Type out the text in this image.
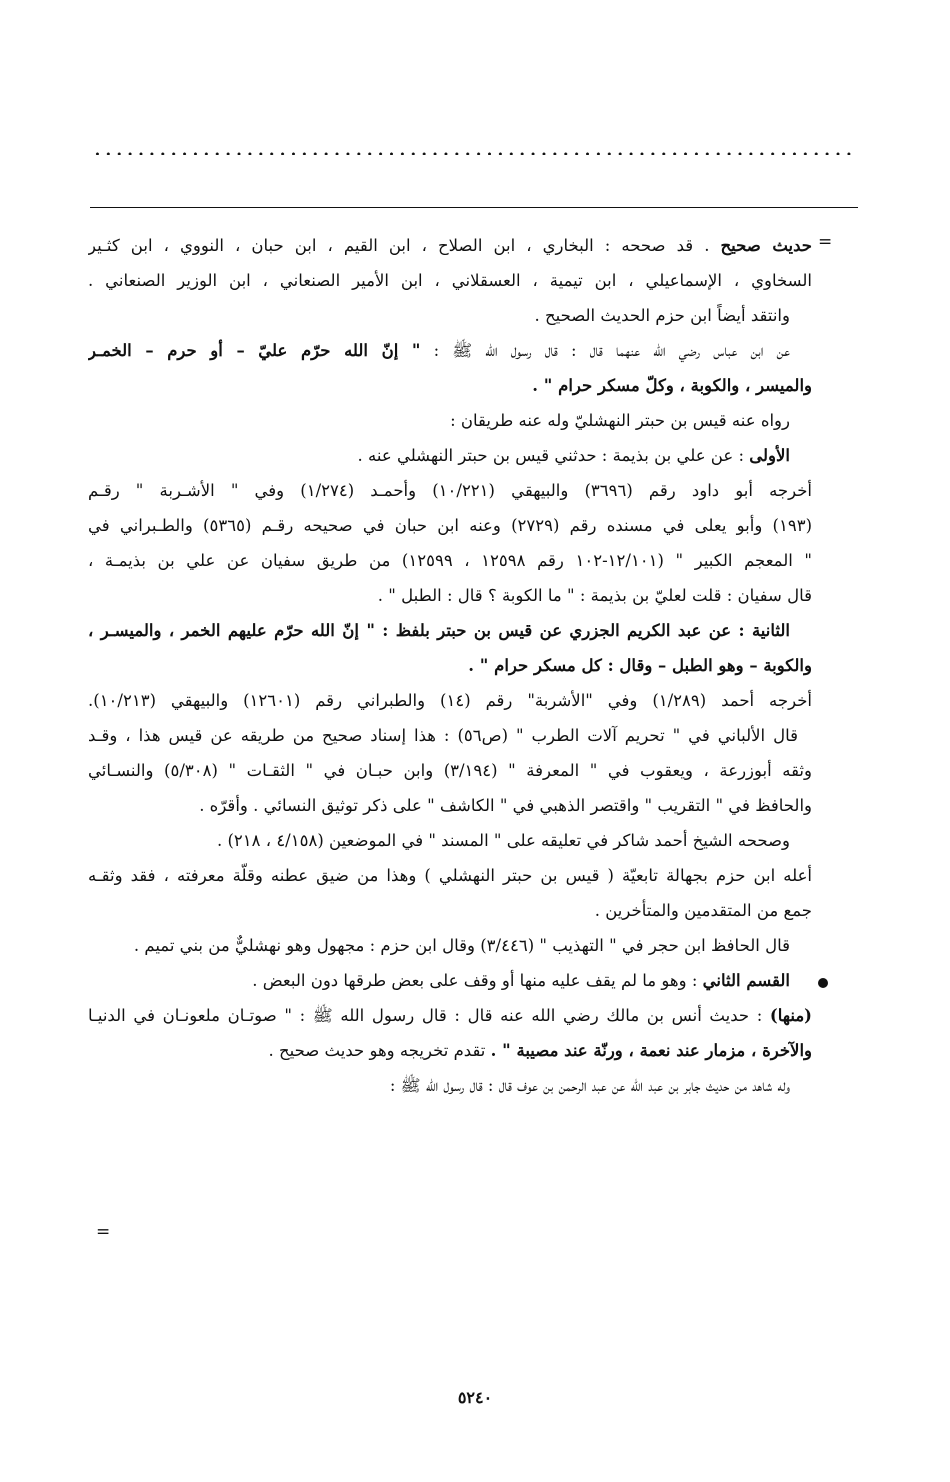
=
=
حديث صحيح . قد صححه : البخاري ، ابن الصلاح ، ابن القيم ، ابن حبان ، النووي ، ابن كثـير
السخاوي ، الإسماعيلي ، ابن تيمية ، العسقلاني ، ابن الأمير الصنعاني ، ابن الوزير الصنعاني .
وانتقد أيضاً ابن حزم الحديث الصحيح .
عن ابن عباس رضي الله عنهما قال : قال رسول الله ﷺ : " إنّ الله حرّم عليّ – أو حرم – الخمـر
والميسر ، والكوبة ، وكلّ مسكر حرام " .
رواه عنه قيس بن حبتر النهشليّ وله عنه طريقان :
الأولى : عن علي بن بذيمة : حدثني قيس بن حبتر النهشلي عنه .
أخرجه أبو داود رقم (٣٦٩٦) والبيهقي (١٠/٢٢١) وأحمـد (١/٢٧٤) وفي " الأشـربة " رقـم
(١٩٣) وأبو يعلى في مسنده رقم (٢٧٢٩) وعنه ابن حبان في صحيحه رقـم (٥٣٦٥) والطـبراني في
" المعجم الكبير " (١٢/١٠١-١٠٢ رقم ١٢٥٩٨ ، ١٢٥٩٩) من طريق سفيان عن علي بن بذيمـة ،
قال سفيان : قلت لعليّ بن بذيمة : " ما الكوبة ؟ قال : الطبل " .
الثانية : عن عبد الكريم الجزري عن قيس بن حبتر بلفظ : " إنّ الله حرّم عليهم الخمر ، والميسـر ،
والكوبة – وهو الطبل – وقال : كل مسكر حرام " .
أخرجه أحمد (١/٢٨٩) وفي "الأشربة" رقم (١٤) والطبراني رقم (١٢٦٠١) والبيهقي (١٠/٢١٣).
قال الألباني في " تحريم آلات الطرب " (ص٥٦) : هذا إسناد صحيح من طريقه عن قيس هذا ، وقـد
وثقه أبوزرعة ، ويعقوب في " المعرفة " (٣/١٩٤) وابن حبـان في " الثقـات " (٥/٣٠٨) والنسـائي
والحافظ في " التقريب " واقتصر الذهبي في " الكاشف " على ذكر توثيق النسائي . وأقرّه .
وصححه الشيخ أحمد شاكر في تعليقه على " المسند " في الموضعين (٤/١٥٨ ، ٢١٨) .
أعله ابن حزم بجهالة تابعيّة ( قيس بن حبتر النهشلي ) وهذا من ضيق عطنه وقلّة معرفته ، فقد وثقـه
جمع من المتقدمين والمتأخرين .
قال الحافظ ابن حجر في " التهذيب " (٣/٤٤٦) وقال ابن حزم : مجهول وهو نهشليٌّ من بني تميم .
القسم الثاني : وهو ما لم يقف عليه منها أو وقف على بعض طرقها دون البعض .
(منها) : حديث أنس بن مالك رضي الله عنه قال : قال رسول الله ﷺ : " صوتـان ملعونـان في الدنيـا
والآخرة ، مزمار عند نعمة ، ورنّة عند مصيبة " . تقدم تخريجه وهو حديث صحيح .
وله شاهد من حديث جابر بن عبد الله عن عبد الرحمن بن عوف قال : قال رسول الله ﷺ :
٥٢٤٠
